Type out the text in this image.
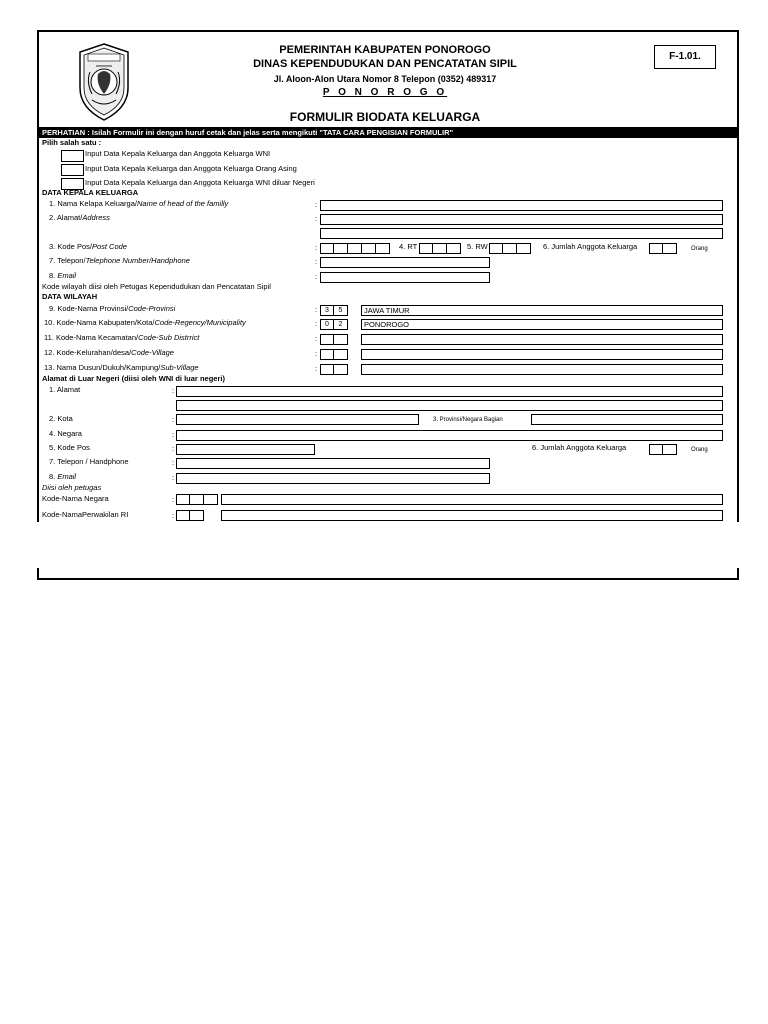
PEMERINTAH KABUPATEN PONOROGO
DINAS KEPENDUDUKAN DAN PENCATATAN SIPIL
Jl. Aloon-Alon Utara Nomor 8 Telepon (0352) 489317
P O N O R O G O
F-1.01.
FORMULIR BIODATA KELUARGA
PERHATIAN : Isilah Formulir ini dengan huruf cetak dan jelas serta mengikuti "TATA CARA PENGISIAN FORMULIR"
Pilih salah satu :
Input Data Kepala Keluarga dan Anggota Keluarga WNI
Input Data Kepala Keluarga dan Anggota Keluarga Orang Asing
Input Data Kepala Keluarga dan Anggota Keluarga WNI diluar Negeri
DATA KEPALA KELUARGA
1. Nama Kelapa Keluarga/Name of head of the familly	:
2. Alamat/Address	:
3. Kode Pos/Post Code	:	4. RT	5. RW	6. Jumlah Anggota Keluarga	Orang
7. Telepon/Telephone Number/Handphone	:
8. Email	:
Kode wilayah diisi oleh Petugas Kependudukan dan Pencatatan Sipil
DATA WILAYAH
9. Kode-Nama Provinsi/Code-Provinsi	:	3	5	JAWA TIMUR
10. Kode-Nama Kabupaten/Kota/Code-Regency/Municipality	:	0	2	PONOROGO
11. Kode-Nama Kecamatan/Code-Sub Distrrict	:
12. Kode-Kelurahan/desa/Code-Village	:
13. Nama Dusun/Dukuh/Kampung/Sub-Village	:
Alamat di Luar Negeri (diisi oleh WNI di luar negeri)
1. Alamat	:
2. Kota	:	3. Provinsi/Negara Bagian
4. Negara	:
5. Kode Pos	:	6. Jumlah Anggota Keluarga	Orang
7. Telepon / Handphone	:
8. Email	:
Diisi oleh petugas
Kode-Nama Negara	:
Kode-NamaPerwakilan RI	:
